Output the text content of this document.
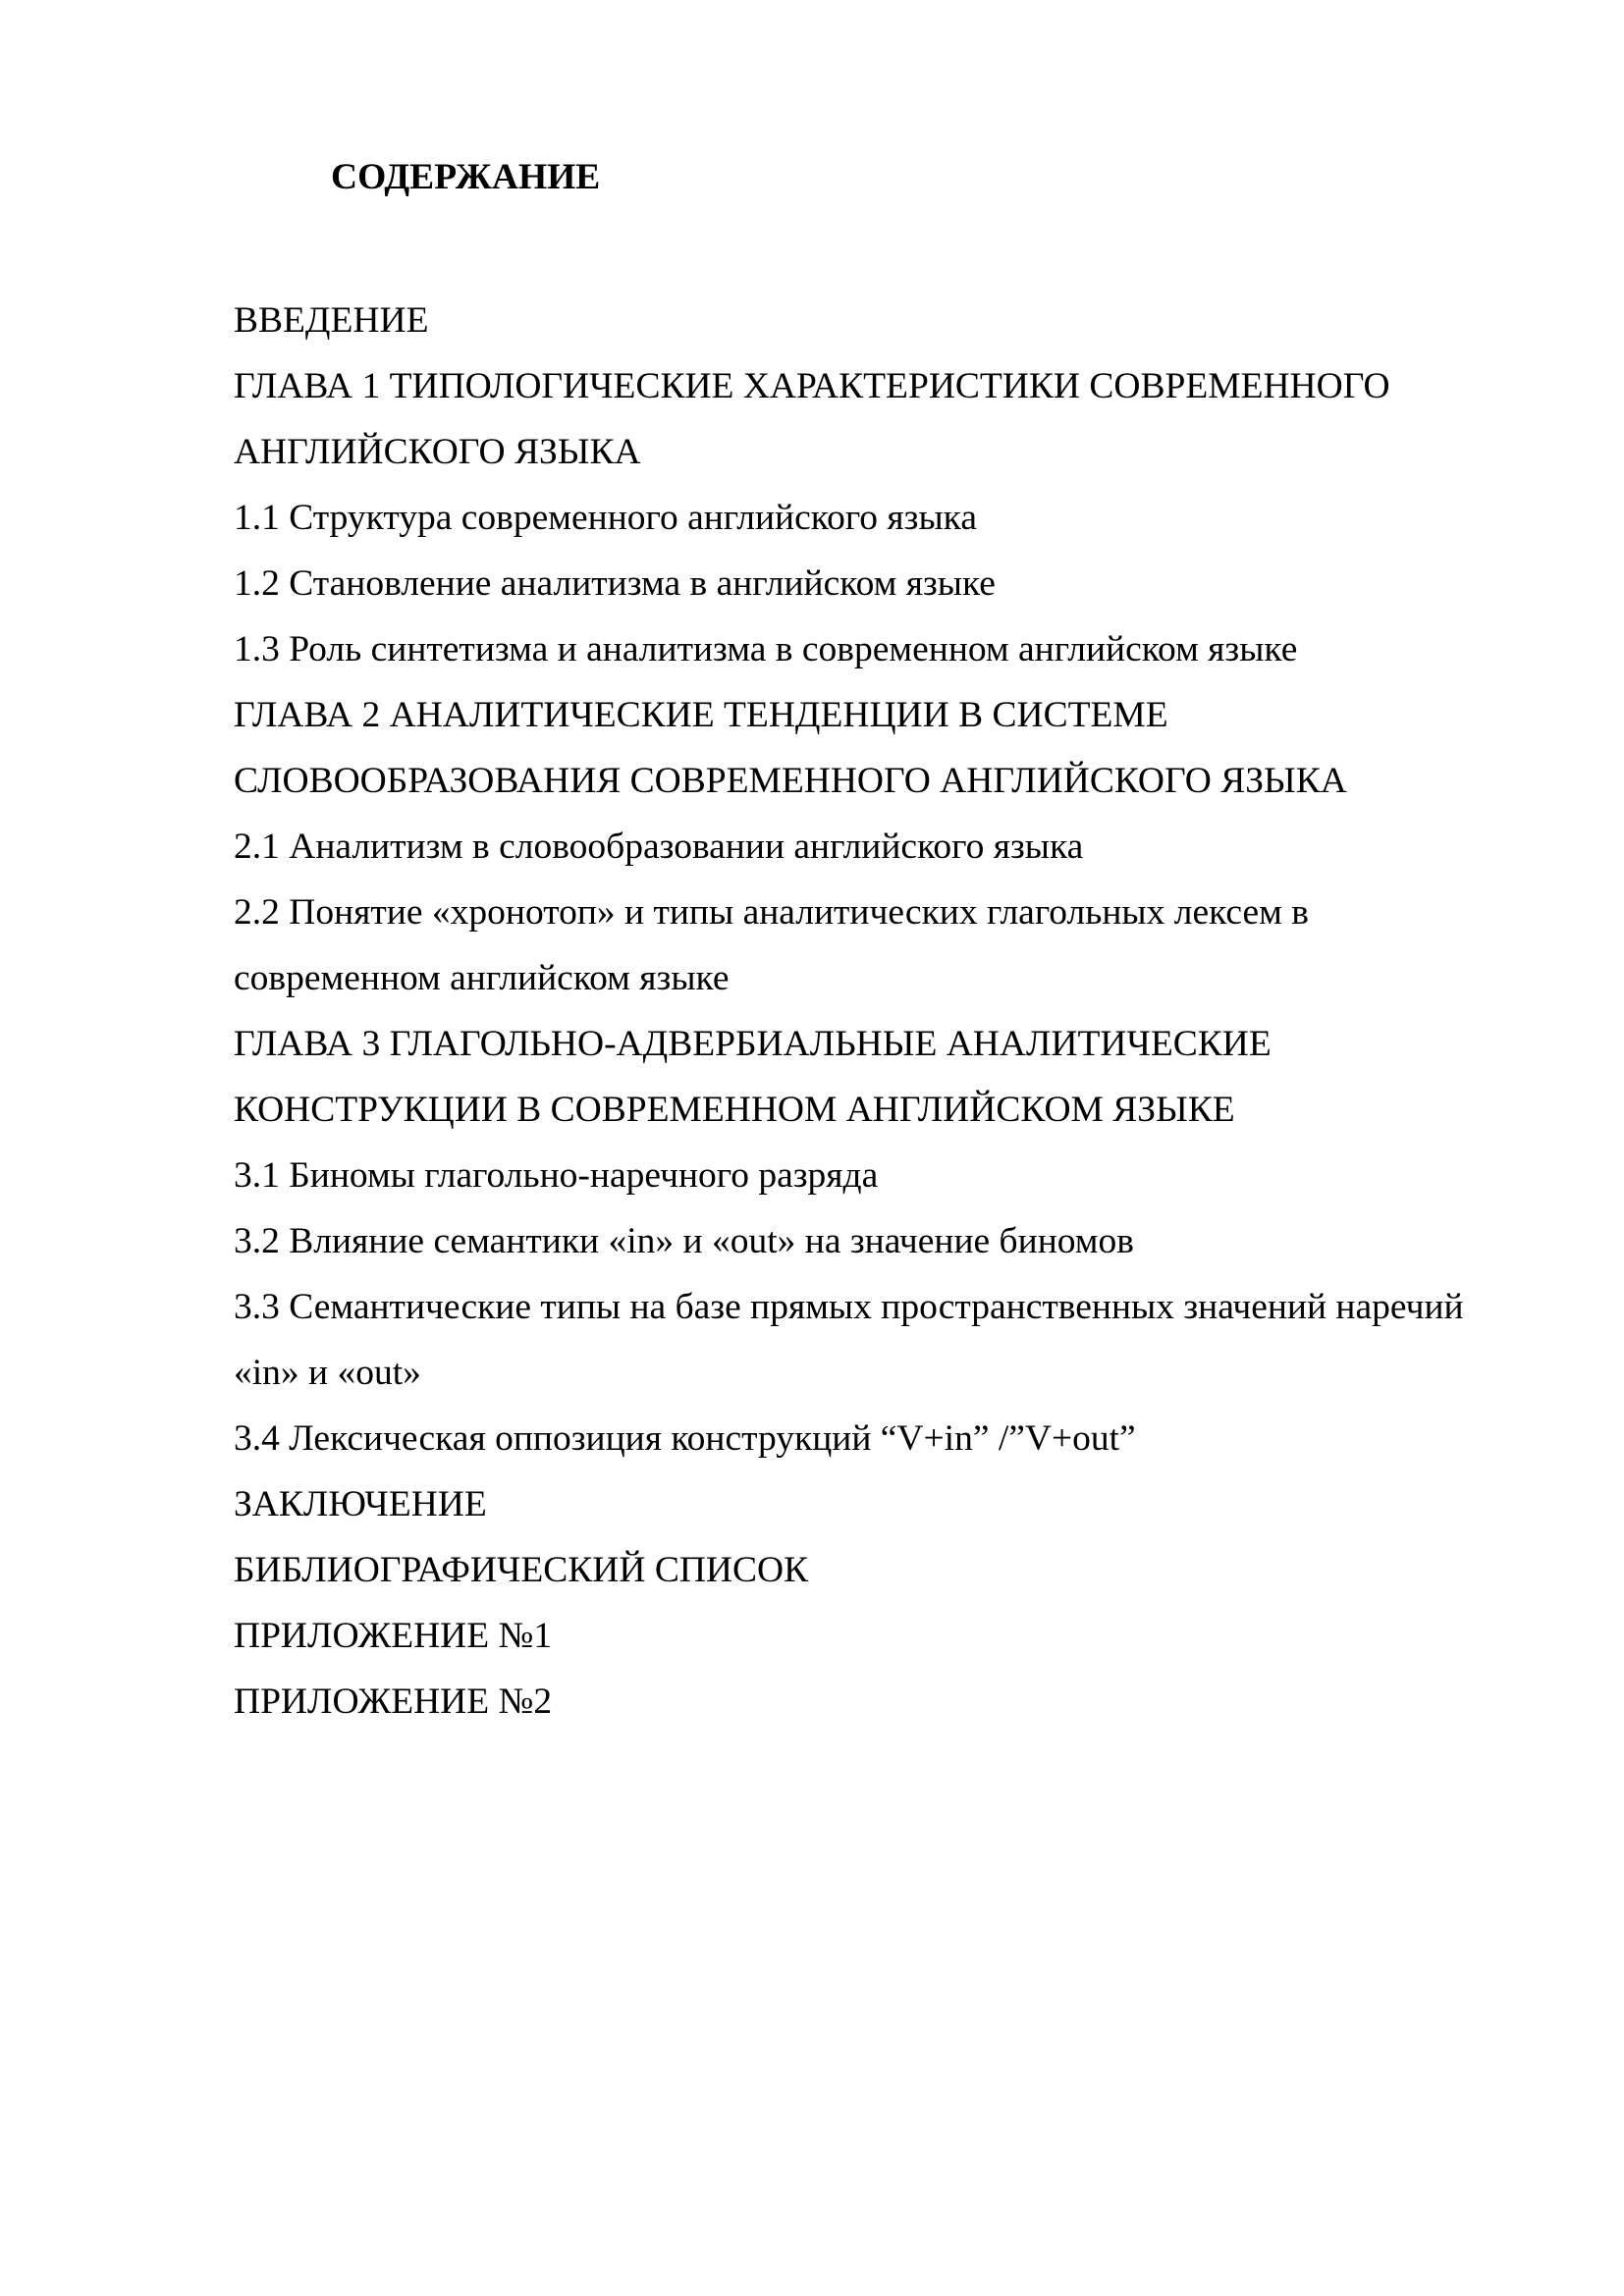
СОДЕРЖАНИЕ
ВВЕДЕНИЕ
ГЛАВА 1 ТИПОЛОГИЧЕСКИЕ ХАРАКТЕРИСТИКИ СОВРЕМЕННОГО
АНГЛИЙСКОГО ЯЗЫКА
1.1 Структура современного английского языка
1.2 Становление аналитизма в английском языке
1.3 Роль синтетизма и аналитизма в современном английском языке
ГЛАВА 2 АНАЛИТИЧЕСКИЕ ТЕНДЕНЦИИ В СИСТЕМЕ
СЛОВООБРАЗОВАНИЯ СОВРЕМЕННОГО АНГЛИЙСКОГО ЯЗЫКА
2.1 Аналитизм в словообразовании английского языка
2.2 Понятие «хронотоп» и типы аналитических глагольных лексем в
современном английском языке
ГЛАВА 3 ГЛАГОЛЬНО-АДВЕРБИАЛЬНЫЕ АНАЛИТИЧЕСКИЕ
КОНСТРУКЦИИ В СОВРЕМЕННОМ АНГЛИЙСКОМ ЯЗЫКЕ
3.1 Биномы глагольно-наречного разряда
3.2 Влияние семантики «in» и «out» на значение биномов
3.3 Семантические типы на базе прямых пространственных значений наречий
«in» и «out»
3.4 Лексическая оппозиция конструкций “V+in” /”V+out”
ЗАКЛЮЧЕНИЕ
БИБЛИОГРАФИЧЕСКИЙ СПИСОК
ПРИЛОЖЕНИЕ №1
ПРИЛОЖЕНИЕ №2
